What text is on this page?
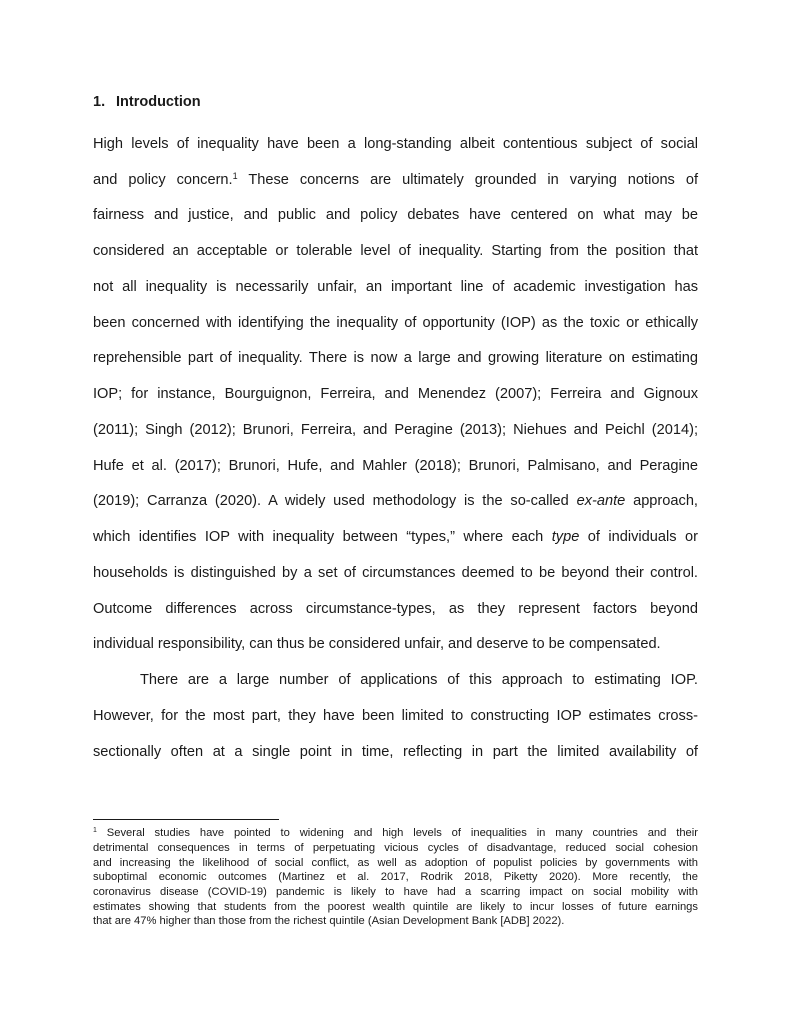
1. Introduction
High levels of inequality have been a long-standing albeit contentious subject of social
and policy concern.$^1$ These concerns are ultimately grounded in varying notions of
fairness and justice, and public and policy debates have centered on what may be
considered an acceptable or tolerable level of inequality. Starting from the position that
not all inequality is necessarily unfair, an important line of academic investigation has
been concerned with identifying the inequality of opportunity (IOP) as the toxic or ethically
reprehensible part of inequality. There is now a large and growing literature on estimating
IOP; for instance, Bourguignon, Ferreira, and Menendez (2007); Ferreira and Gignoux
(2011); Singh (2012); Brunori, Ferreira, and Peragine (2013); Niehues and Peichl (2014);
Hufe et al. (2017); Brunori, Hufe, and Mahler (2018); Brunori, Palmisano, and Peragine
(2019); Carranza (2020). A widely used methodology is the so-called ex-ante approach,
which identifies IOP with inequality between “types,” where each type of individuals or
households is distinguished by a set of circumstances deemed to be beyond their control.
Outcome differences across circumstance-types, as they represent factors beyond
individual responsibility, can thus be considered unfair, and deserve to be compensated.
There are a large number of applications of this approach to estimating IOP.
However, for the most part, they have been limited to constructing IOP estimates cross-
sectionally often at a single point in time, reflecting in part the limited availability of
$^1$ Several studies have pointed to widening and high levels of inequalities in many countries and their
detrimental consequences in terms of perpetuating vicious cycles of disadvantage, reduced social cohesion
and increasing the likelihood of social conflict, as well as adoption of populist policies by governments with
suboptimal economic outcomes (Martinez et al. 2017, Rodrik 2018, Piketty 2020). More recently, the
coronavirus disease (COVID-19) pandemic is likely to have had a scarring impact on social mobility with
estimates showing that students from the poorest wealth quintile are likely to incur losses of future earnings
that are 47% higher than those from the richest quintile (Asian Development Bank [ADB] 2022).
